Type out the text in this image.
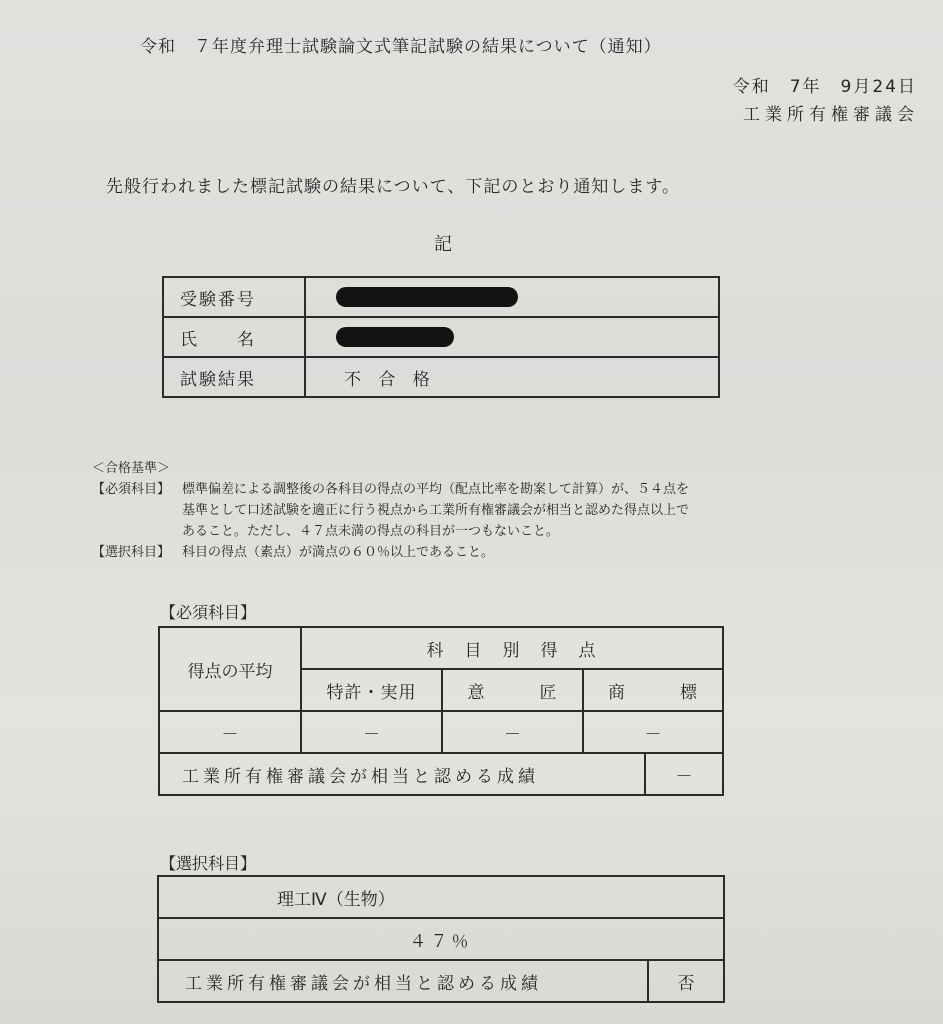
令和　７年度弁理士試験論文式筆記試験の結果について（通知）
令和　7年　9月24日
工業所有権審議会
先般行われました標記試験の結果について、下記のとおり通知します。
記
受験番号	
氏　　名	
試験結果	不 合 格
＜合格基準＞
【必須科目】 標準偏差による調整後の各科目の得点の平均（配点比率を勘案して計算）が、５４点を
基準として口述試験を適正に行う視点から工業所有権審議会が相当と認めた得点以上で
あること。ただし、４７点未満の得点の科目が一つもないこと。
【選択科目】 科目の得点（素点）が満点の６０％以上であること。
【必須科目】
得点の平均	科　目　別　得　点			
	特許・実用	意　　　匠	商　　　標	
－	－	－	－	
工業所有権審議会が相当と認める成績				－
【選択科目】
理工Ⅳ（生物）
４７％
工業所有権審議会が相当と認める成績	否
